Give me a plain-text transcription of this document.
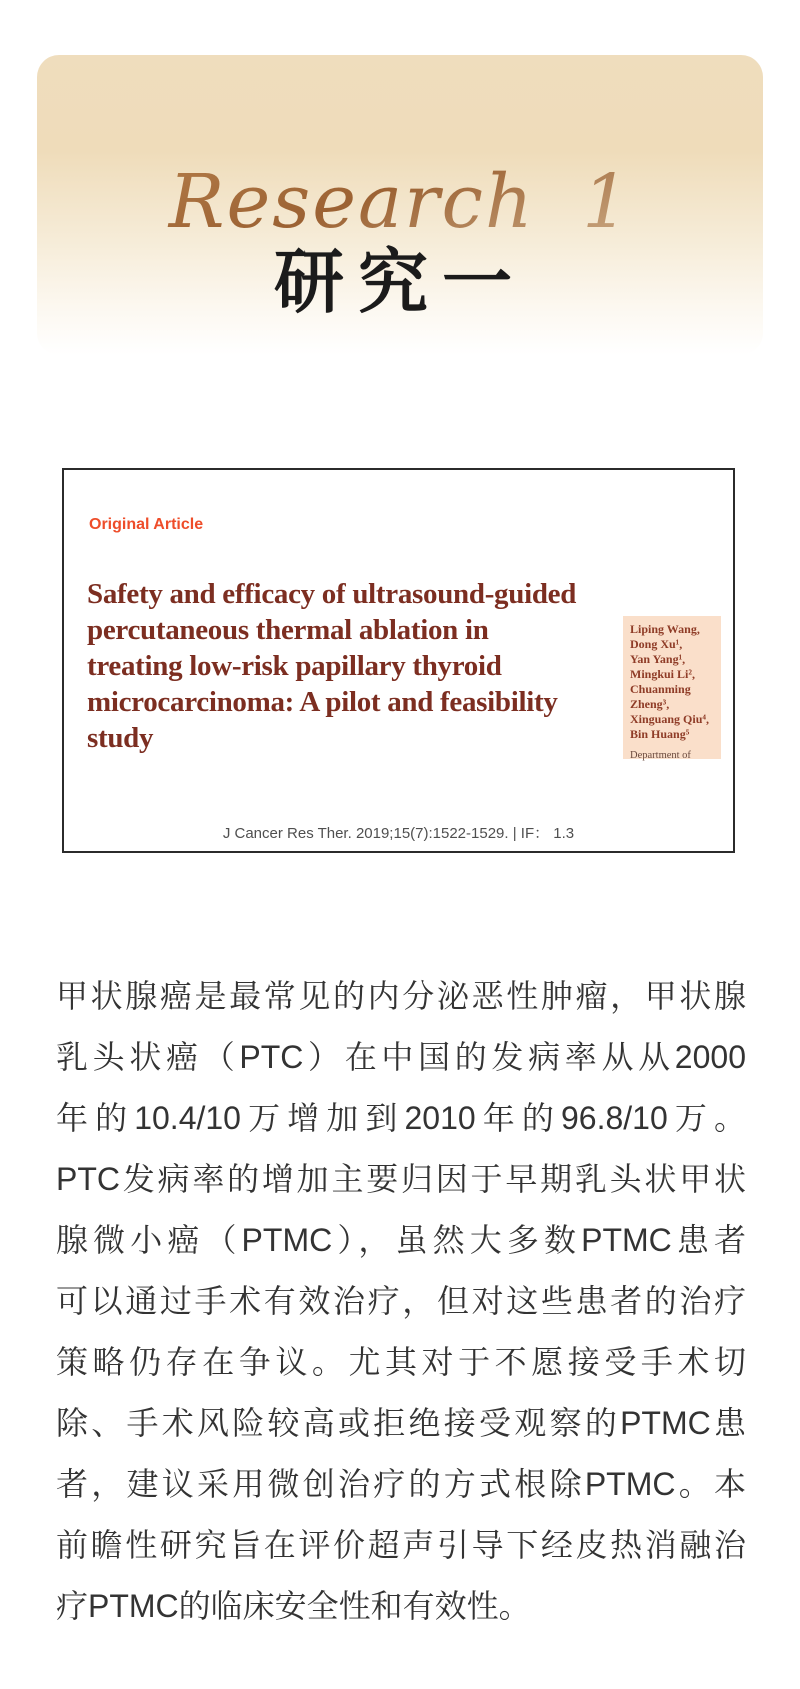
Research 1
研究一
Original Article
Safety and efficacy of ultrasound-guided
percutaneous thermal ablation in
treating low-risk papillary thyroid
microcarcinoma: A pilot and feasibility
study
Liping Wang,
Dong Xu¹,
Yan Yang¹,
Mingkui Li²,
Chuanming
Zheng³,
Xinguang Qiu⁴,
Bin Huang⁵
Department of
J Cancer Res Ther. 2019;15(7):1522-1529. | IF： 1.3
甲状腺癌是最常见的内分泌恶性肿瘤，甲状腺
乳头状癌（PTC）在中国的发病率从从2000
年的10.4/10万增加到2010年的96.8/10万。
PTC发病率的增加主要归因于早期乳头状甲状
腺微小癌（PTMC），虽然大多数PTMC患者
可以通过手术有效治疗，但对这些患者的治疗
策略仍存在争议。尤其对于不愿接受手术切
除、手术风险较高或拒绝接受观察的PTMC患
者，建议采用微创治疗的方式根除PTMC。本
前瞻性研究旨在评价超声引导下经皮热消融治
疗PTMC的临床安全性和有效性。
